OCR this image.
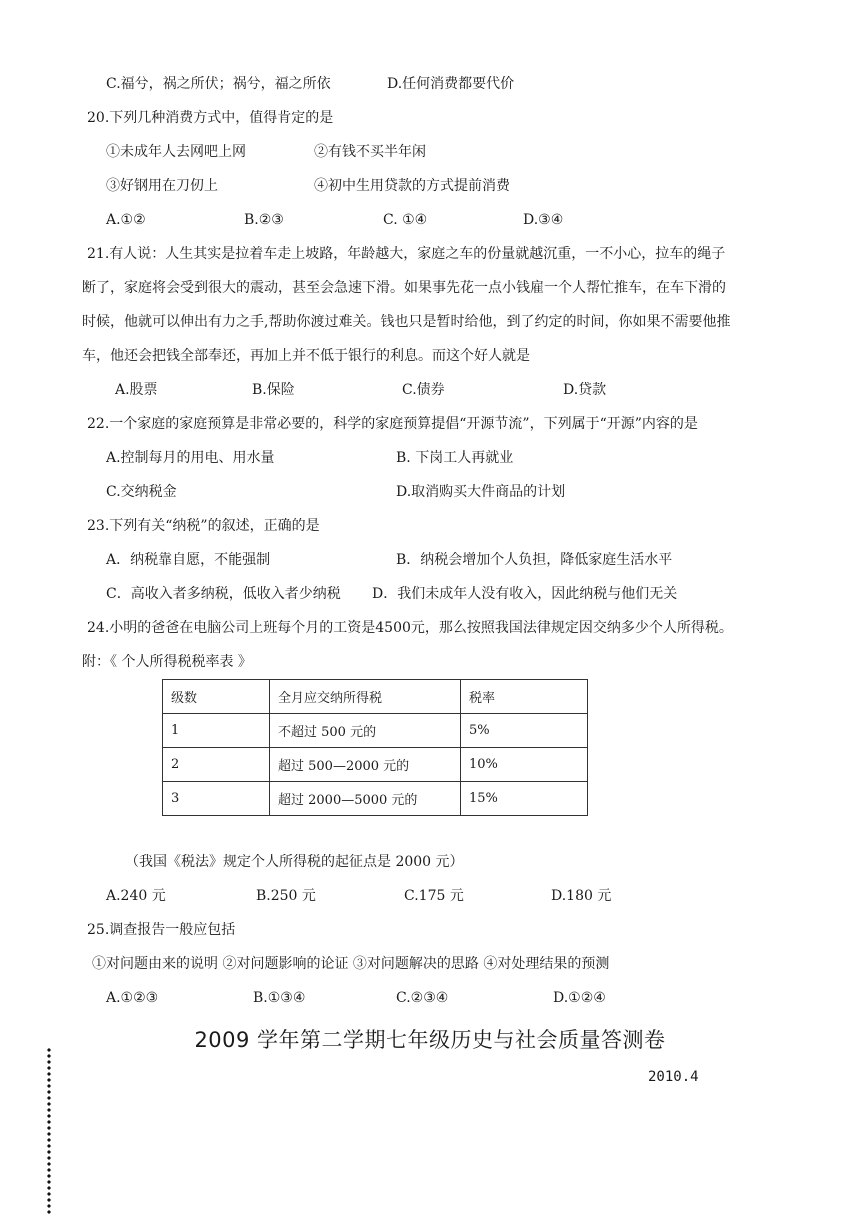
C.福兮，祸之所伏；祸兮，福之所依	D.任何消费都要代价
20.下列几种消费方式中，值得肯定的是
①未成年人去网吧上网	②有钱不买半年闲
③好钢用在刀仞上	④初中生用贷款的方式提前消费
A.①②	B.②③	C. ①④	D.③④
21.有人说：人生其实是拉着车走上坡路，年龄越大，家庭之车的份量就越沉重，一不小心，拉车的绳子
断了，家庭将会受到很大的震动，甚至会急速下滑。如果事先花一点小钱雇一个人帮忙推车，在车下滑的
时候，他就可以伸出有力之手,帮助你渡过难关。钱也只是暂时给他，到了约定的时间，你如果不需要他推
车，他还会把钱全部奉还，再加上并不低于银行的利息。而这个好人就是
A.股票	B.保险	C.债券	D.贷款
22.一个家庭的家庭预算是非常必要的，科学的家庭预算提倡“开源节流”，下列属于“开源”内容的是
A.控制每月的用电、用水量	B. 下岗工人再就业
C.交纳税金	D.取消购买大件商品的计划
23.下列有关“纳税”的叙述，正确的是
A．纳税靠自愿，不能强制	B．纳税会增加个人负担，降低家庭生活水平
C．高收入者多纳税，低收入者少纳税 D．我们未成年人没有收入，因此纳税与他们无关
24.小明的爸爸在电脑公司上班每个月的工资是4500元，那么按照我国法律规定因交纳多少个人所得税。
附：《 个人所得税税率表 》
级数	全月应交纳所得税	税率
1	不超过 500 元的	5%
2	超过 500—2000 元的	10%
3	超过 2000—5000 元的	15%
（我国《税法》规定个人所得税的起征点是 2000 元）
A.240 元	B.250 元	C.175 元	D.180 元
25.调查报告一般应包括
①对问题由来的说明 ②对问题影响的论证 ③对问题解决的思路 ④对处理结果的预测
A.①②③	B.①③④	C.②③④	D.①②④
2009 学年第二学期七年级历史与社会质量答测卷
2010.4
